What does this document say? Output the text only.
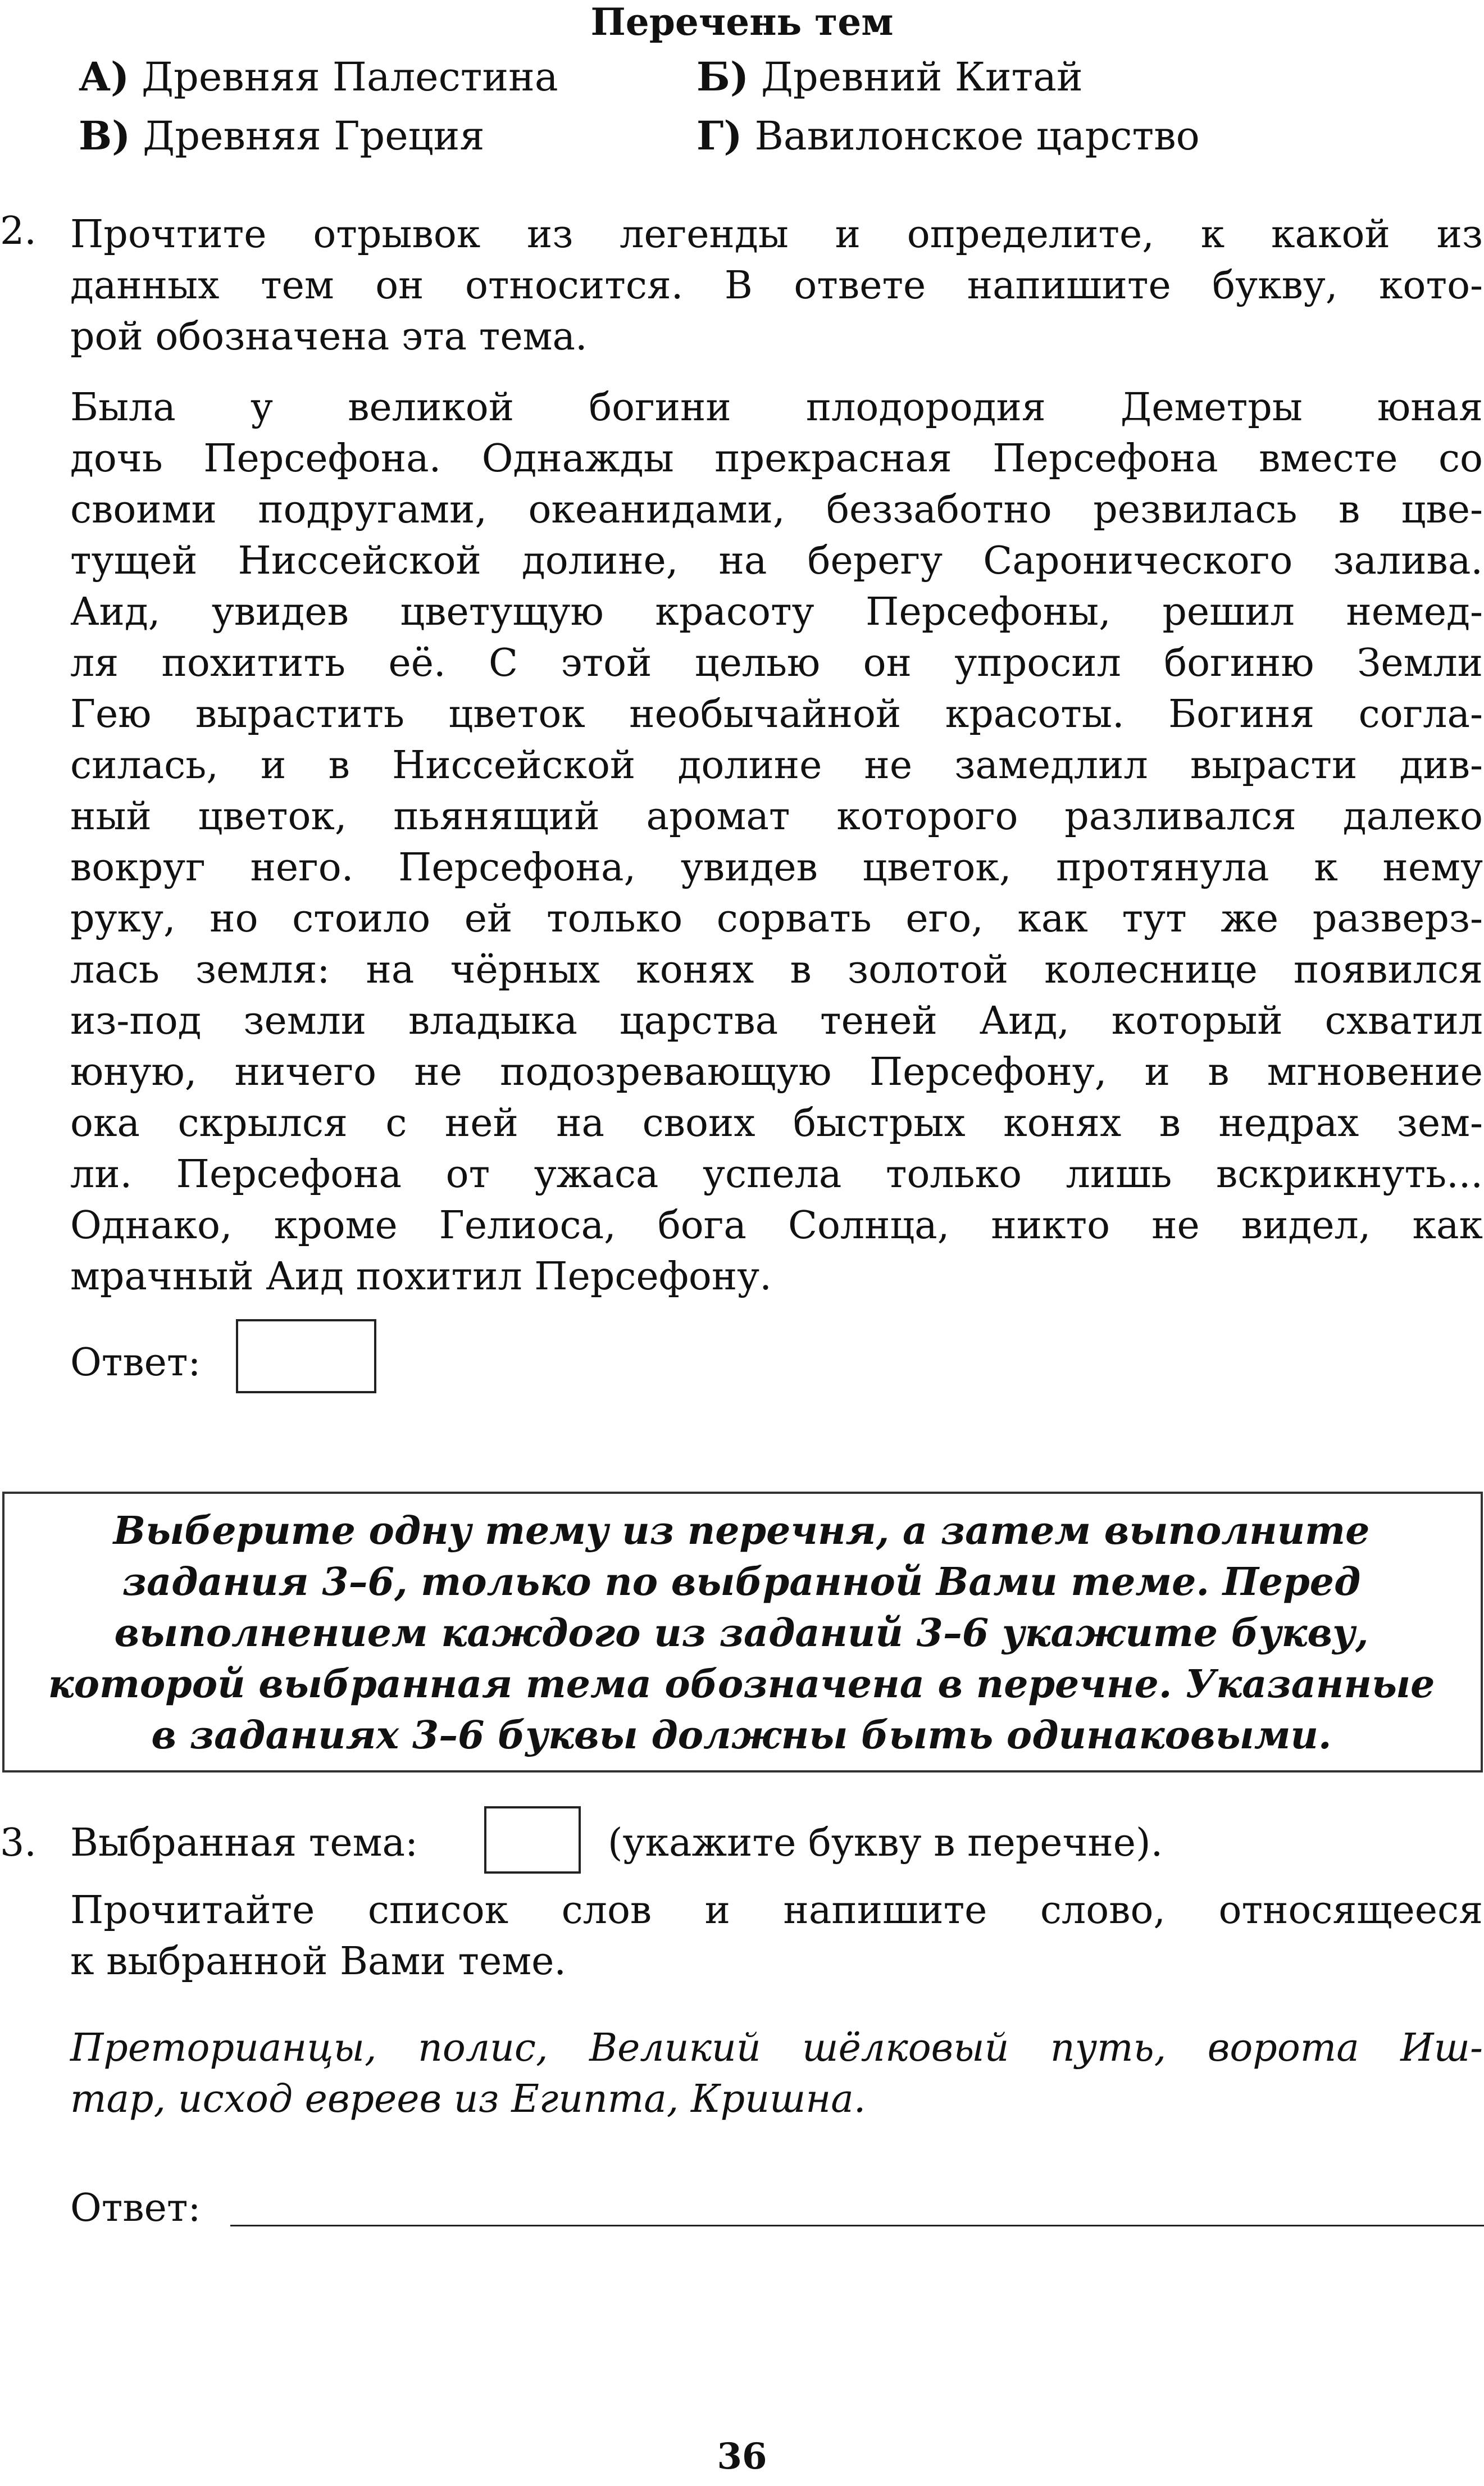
Перечень тем
А) Древняя Палестина	Б) Древний Китай
В) Древняя Греция	Г) Вавилонское царство
2. Прочтите отрывок из легенды и определите, к какой из
данных тем он относится. В ответе напишите букву, кото-
рой обозначена эта тема.
Была у великой богини плодородия Деметры юная
дочь Персефона. Однажды прекрасная Персефона вместе со
своими подругами, океанидами, беззаботно резвилась в цве-
тущей Ниссейской долине, на берегу Саронического залива.
Аид, увидев цветущую красоту Персефоны, решил немед-
ля похитить её. С этой целью он упросил богиню Земли
Гею вырастить цветок необычайной красоты. Богиня согла-
силась, и в Ниссейской долине не замедлил вырасти див-
ный цветок, пьянящий аромат которого разливался далеко
вокруг него. Персефона, увидев цветок, протянула к нему
руку, но стоило ей только сорвать его, как тут же разверз-
лась земля: на чёрных конях в золотой колеснице появился
из-под земли владыка царства теней Аид, который схватил
юную, ничего не подозревающую Персефону, и в мгновение
ока скрылся с ней на своих быстрых конях в недрах зем-
ли. Персефона от ужаса успела только лишь вскрикнуть...
Однако, кроме Гелиоса, бога Солнца, никто не видел, как
мрачный Аид похитил Персефону.
Ответ:
Выберите одну тему из перечня, а затем выполните
задания 3–6, только по выбранной Вами теме. Перед
выполнением каждого из заданий 3–6 укажите букву,
которой выбранная тема обозначена в перечне. Указанные
в заданиях 3–6 буквы должны быть одинаковыми.
3. Выбранная тема:	(укажите букву в перечне).
Прочитайте список слов и напишите слово, относящееся
к выбранной Вами теме.
Преторианцы, полис, Великий шёлковый путь, ворота Иш-
тар, исход евреев из Египта, Кришна.
Ответ:
36
